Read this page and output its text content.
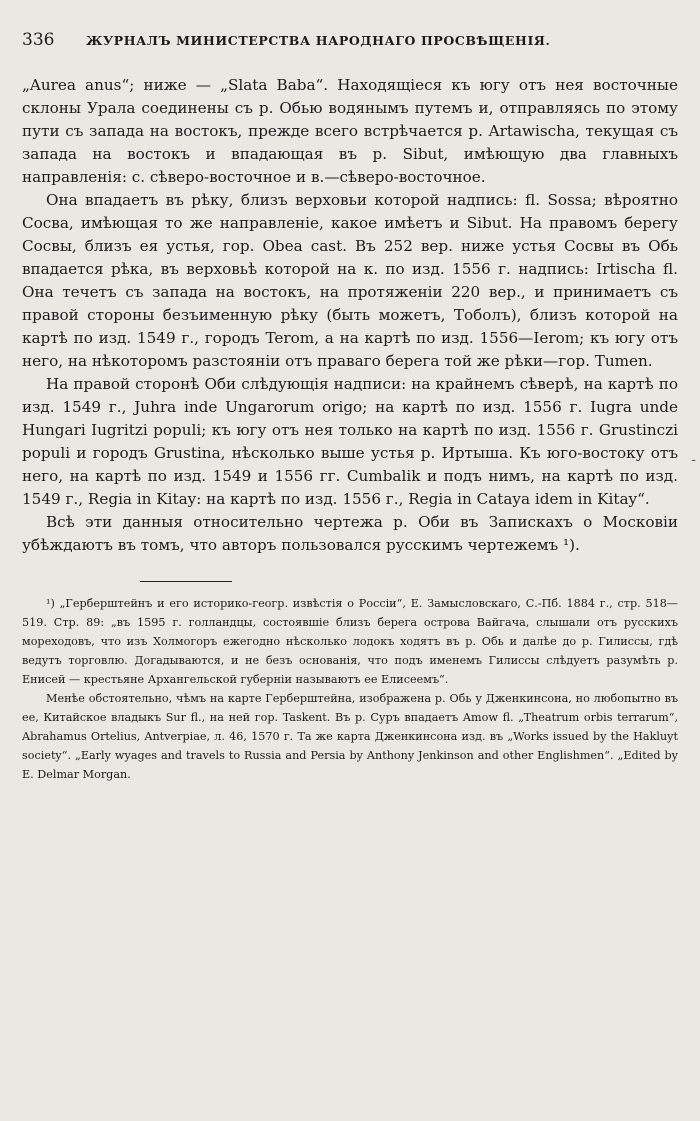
336	ЖУРНАЛЪ МИНИСТЕРСТВА НАРОДНАГО ПРОСВѢЩЕНІЯ.

„Aurea anus“; ниже — „Slata Baba“. Находящіеся къ югу отъ нея восточные склоны Урала соединены съ р. Обью водянымъ путемъ и, отправляясь по этому пути съ запада на востокъ, прежде всего встрѣчается р. Artawischa, текущая съ запада на востокъ и впадающая въ р. Sibut, имѣющую два главныхъ направленія: с. сѣверо-восточное и в.—сѣверо-восточное.

Она впадаетъ въ рѣку, близъ верховьи которой надпись: fl. Sossa; вѣроятно Сосва, имѣющая то же направленіе, какое имѣетъ и Sibut. На правомъ берегу Сосвы, близъ ея устья, гор. Obea cast. Въ 252 вер. ниже устья Сосвы въ Обь впадается рѣка, въ верховьѣ которой на к. по изд. 1556 г. надпись: Irtischa fl. Она течетъ съ запада на востокъ, на протяженіи 220 вер., и принимаетъ съ правой стороны безъименную рѣку (быть можетъ, Тоболъ), близъ которой на картѣ по изд. 1549 г., городъ Terom, а на картѣ по изд. 1556—Ierom; къ югу отъ него, на нѣкоторомъ разстояніи отъ праваго берега той же рѣки—гор. Tumen.

На правой сторонѣ Оби слѣдующія надписи: на крайнемъ сѣверѣ, на картѣ по изд. 1549 г., Juhra inde Ungarorum origo; на картѣ по изд. 1556 г. Iugra unde Hungari Iugritzi populi; къ югу отъ нея только на картѣ по изд. 1556 г. Grustinczi populi и городъ Grustina, нѣсколько выше устья р. Иртыша. Къ юго-востоку отъ него, на картѣ по изд. 1549 и 1556 гг. Cumbalik и подъ нимъ, на картѣ по изд. 1549 г., Regia in Kitay: на картѣ по изд. 1556 г., Regia in Cataya idem in Kitay“.

Всѣ эти данныя относительно чертежа р. Оби въ Запискахъ о Московіи убѣждаютъ въ томъ, что авторъ пользовался русскимъ чертежемъ ¹).

¹) „Герберштейнъ и его историко-геогр. извѣстія о Россіи“, Е. Замысловскаго, С.-Пб. 1884 г., стр. 518—519. Стр. 89: „въ 1595 г. голландцы, состоявшіе близъ берега острова Вайгача, слышали отъ русскихъ мореходовъ, что изъ Холмогоръ ежегодно нѣсколько лодокъ ходятъ въ р. Обь и далѣе до р. Гилиссы, гдѣ ведутъ торговлю. Догадываются, и не безъ основанія, что подъ именемъ Гилиссы слѣдуетъ разумѣть р. Енисей — крестьяне Архангельской губерніи называютъ ее Елисеемъ“.

Менѣе обстоятельно, чѣмъ на карте Герберштейна, изображена р. Обь у Дженкинсона, но любопытно въ ее, Китайское владыкъ Sur fl., на ней гор. Taskent. Въ р. Суръ впадаетъ Amow fl. „Theatrum orbis terrarum“, Abrahamus Ortelius, Antverpiae, л. 46, 1570 г. Та же карта Дженкинсона изд. въ „Works issued by the Hakluyt society“. „Early wyages and travels to Russia and Persia by Anthony Jenkinson and other Englishmen“. „Edited by E. Delmar Morgan.

-
